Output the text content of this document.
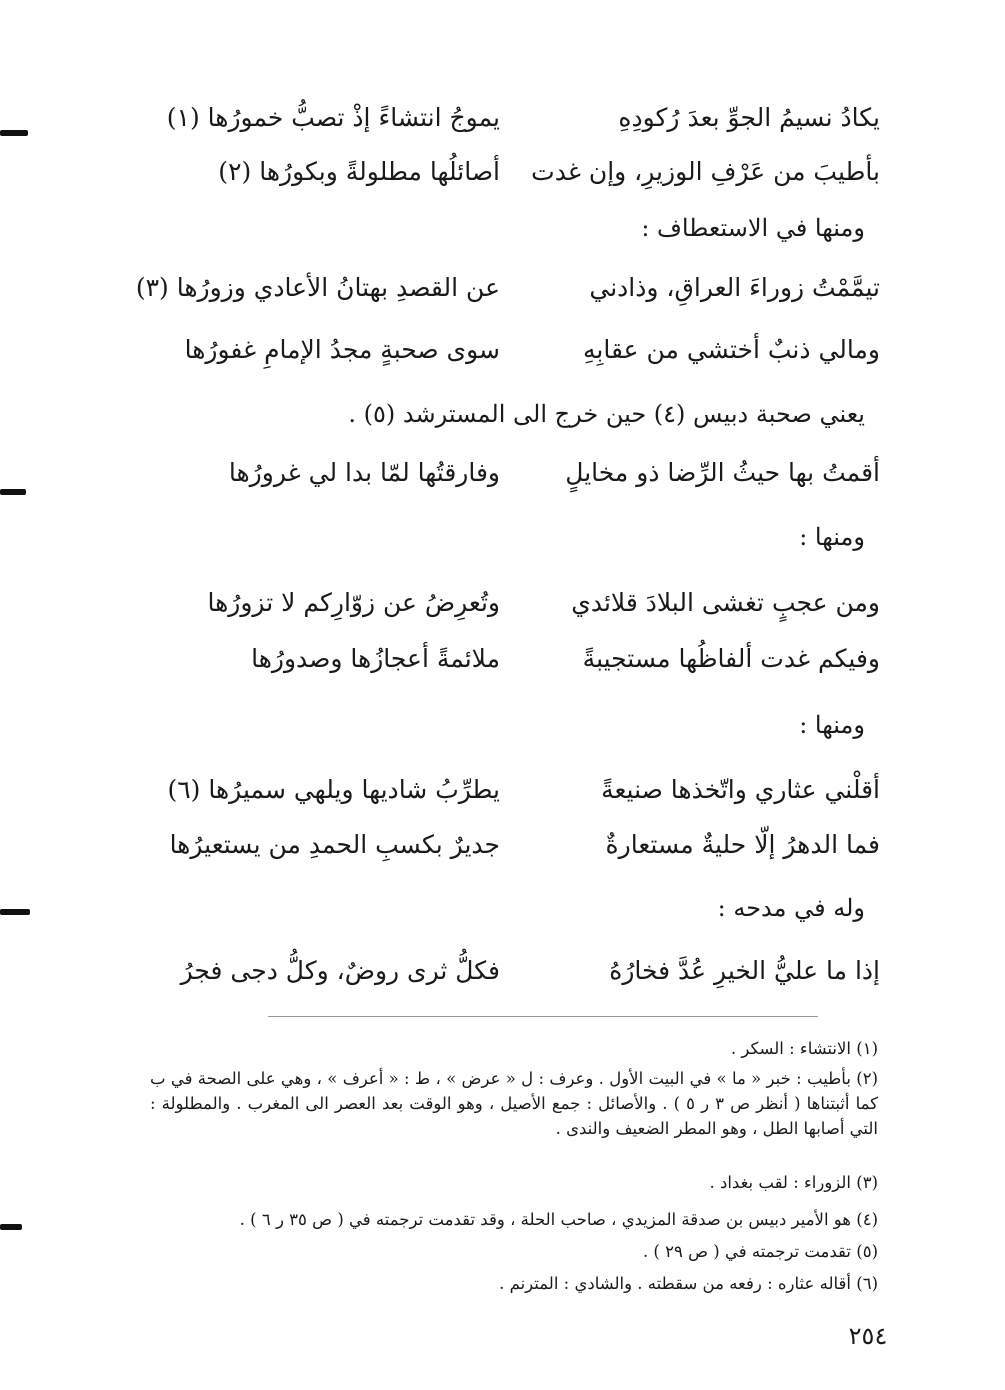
يكادُ نسيمُ الجوِّ بعدَ رُكودِهِ
يموجُ انتشاءً إذْ تصبُّ خمورُها (١)
بأطيبَ من عَرْفِ الوزيرِ، وإن غدت
أصائلُها مطلولةً وبكورُها (٢)
ومنها في الاستعطاف :
تيمَّمْتُ زوراءَ العراقِ، وذادني
عن القصدِ بهتانُ الأعادي وزورُها (٣)
ومالي ذنبٌ أختشي من عقابِهِ
سوى صحبةٍ مجدُ الإمامِ غفورُها
يعني صحبة دبيس (٤) حين خرج الى المسترشد (٥) .
أقمتُ بها حيثُ الرِّضا ذو مخايلٍ
وفارقتُها لمّا بدا لي غرورُها
ومنها :
ومن عجبٍ تغشى البلادَ قلائدي
وتُعرِضُ عن زوّارِكم لا تزورُها
وفيكم غدت ألفاظُها مستجيبةً
ملائمةً أعجازُها وصدورُها
ومنها :
أقلْني عثاري واتّخذها صنيعةً
يطرِّبُ شاديها ويلهي سميرُها (٦)
فما الدهرُ إلّا حليةٌ مستعارةٌ
جديرٌ بكسبِ الحمدِ من يستعيرُها
وله في مدحه :
إذا ما عليُّ الخيرِ عُدَّ فخارُهُ
فكلُّ ثرى روضٌ، وكلُّ دجى فجرُ
(١) الانتشاء : السكر .
(٢) بأطيب : خبر « ما » في البيت الأول . وعرف : ل « عرض » ، ط : « أعرف » ، وهي على الصحة في ب كما أثبتناها ( أنظر ص ٣ ر ٥ ) . والأصائل : جمع الأصيل ، وهو الوقت بعد العصر الى المغرب . والمطلولة : التي أصابها الطل ، وهو المطر الضعيف والندى .
(٣) الزوراء : لقب بغداد .
(٤) هو الأمير دبيس بن صدقة المزيدي ، صاحب الحلة ، وقد تقدمت ترجمته في ( ص ٣٥ ر ٦ ) .
(٥) تقدمت ترجمته في ( ص ٢٩ ) .
(٦) أقاله عثاره : رفعه من سقطته . والشادي : المترنم .
٢٥٤
